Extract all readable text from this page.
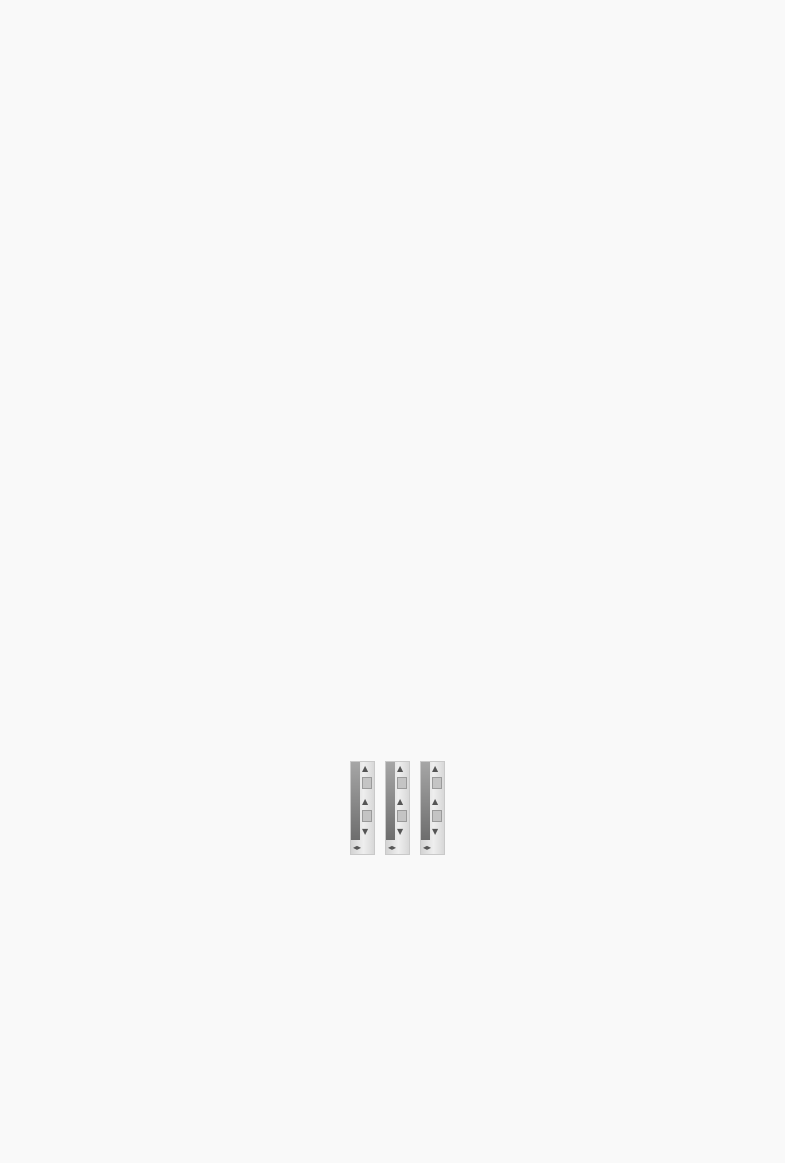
▲
▲
▼
◂▸
▲
▲
▼
◂▸
▲
▲
▼
◂▸
